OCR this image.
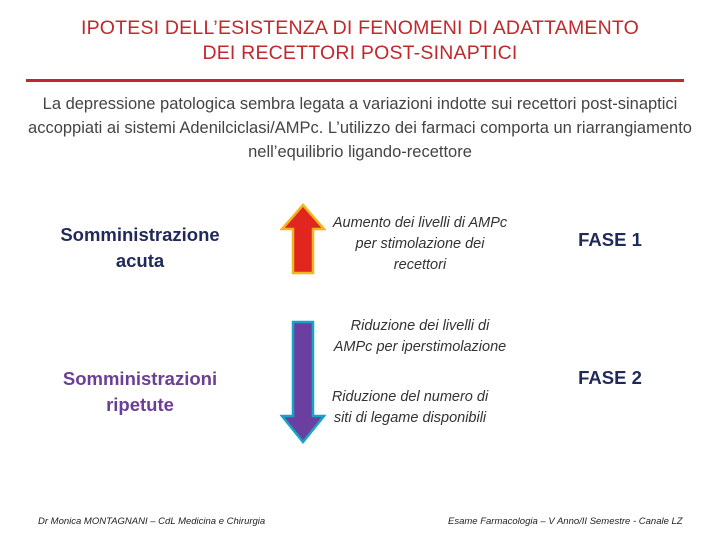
IPOTESI DELL’ESISTENZA DI FENOMENI DI ADATTAMENTO
DEI RECETTORI POST-SINAPTICI
La depressione patologica sembra legata a variazioni indotte sui recettori post-sinaptici accoppiati ai sistemi Adenilciclasi/AMPc. L’utilizzo dei farmaci comporta un riarrangiamento nell’equilibrio ligando-recettore
Somministrazione acuta
Somministrazioni ripetute
Aumento dei livelli di AMPc per stimolazione dei recettori
Riduzione dei livelli di AMPc per iperstimolazione
Riduzione del numero di siti di legame disponibili
FASE 1
FASE 2
Dr Monica MONTAGNANI – CdL Medicina e Chirurgia	Esame Farmacologia – V Anno/II Semestre - Canale LZ
